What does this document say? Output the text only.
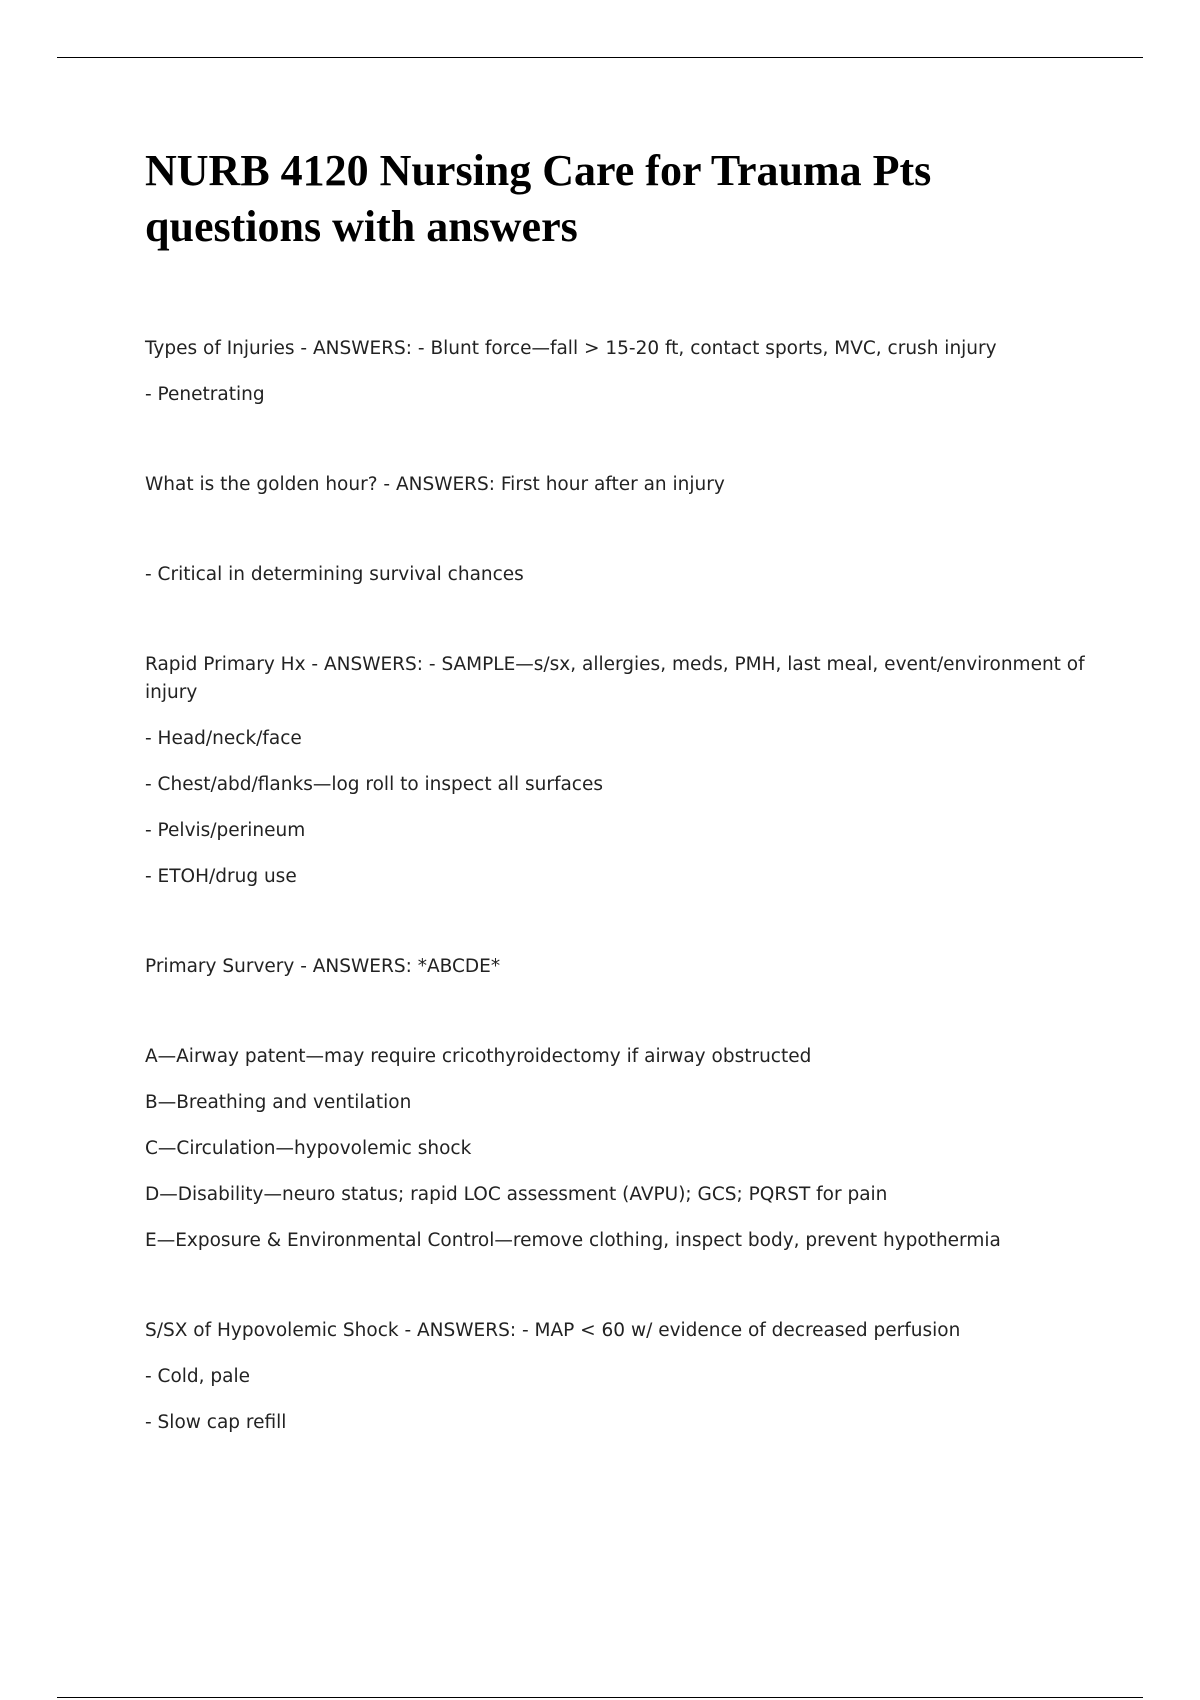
NURB 4120 Nursing Care for Trauma Pts questions with answers

Types of Injuries - ANSWERS: - Blunt force—fall > 15-20 ft, contact sports, MVC, crush injury

- Penetrating

What is the golden hour? - ANSWERS: First hour after an injury

- Critical in determining survival chances

Rapid Primary Hx - ANSWERS: - SAMPLE—s/sx, allergies, meds, PMH, last meal, event/environment of injury

- Head/neck/face

- Chest/abd/flanks—log roll to inspect all surfaces

- Pelvis/perineum

- ETOH/drug use

Primary Survery - ANSWERS: *ABCDE*

A—Airway patent—may require cricothyroidectomy if airway obstructed

B—Breathing and ventilation

C—Circulation—hypovolemic shock

D—Disability—neuro status; rapid LOC assessment (AVPU); GCS; PQRST for pain

E—Exposure & Environmental Control—remove clothing, inspect body, prevent hypothermia

S/SX of Hypovolemic Shock - ANSWERS: - MAP < 60 w/ evidence of decreased perfusion

- Cold, pale

- Slow cap refill
